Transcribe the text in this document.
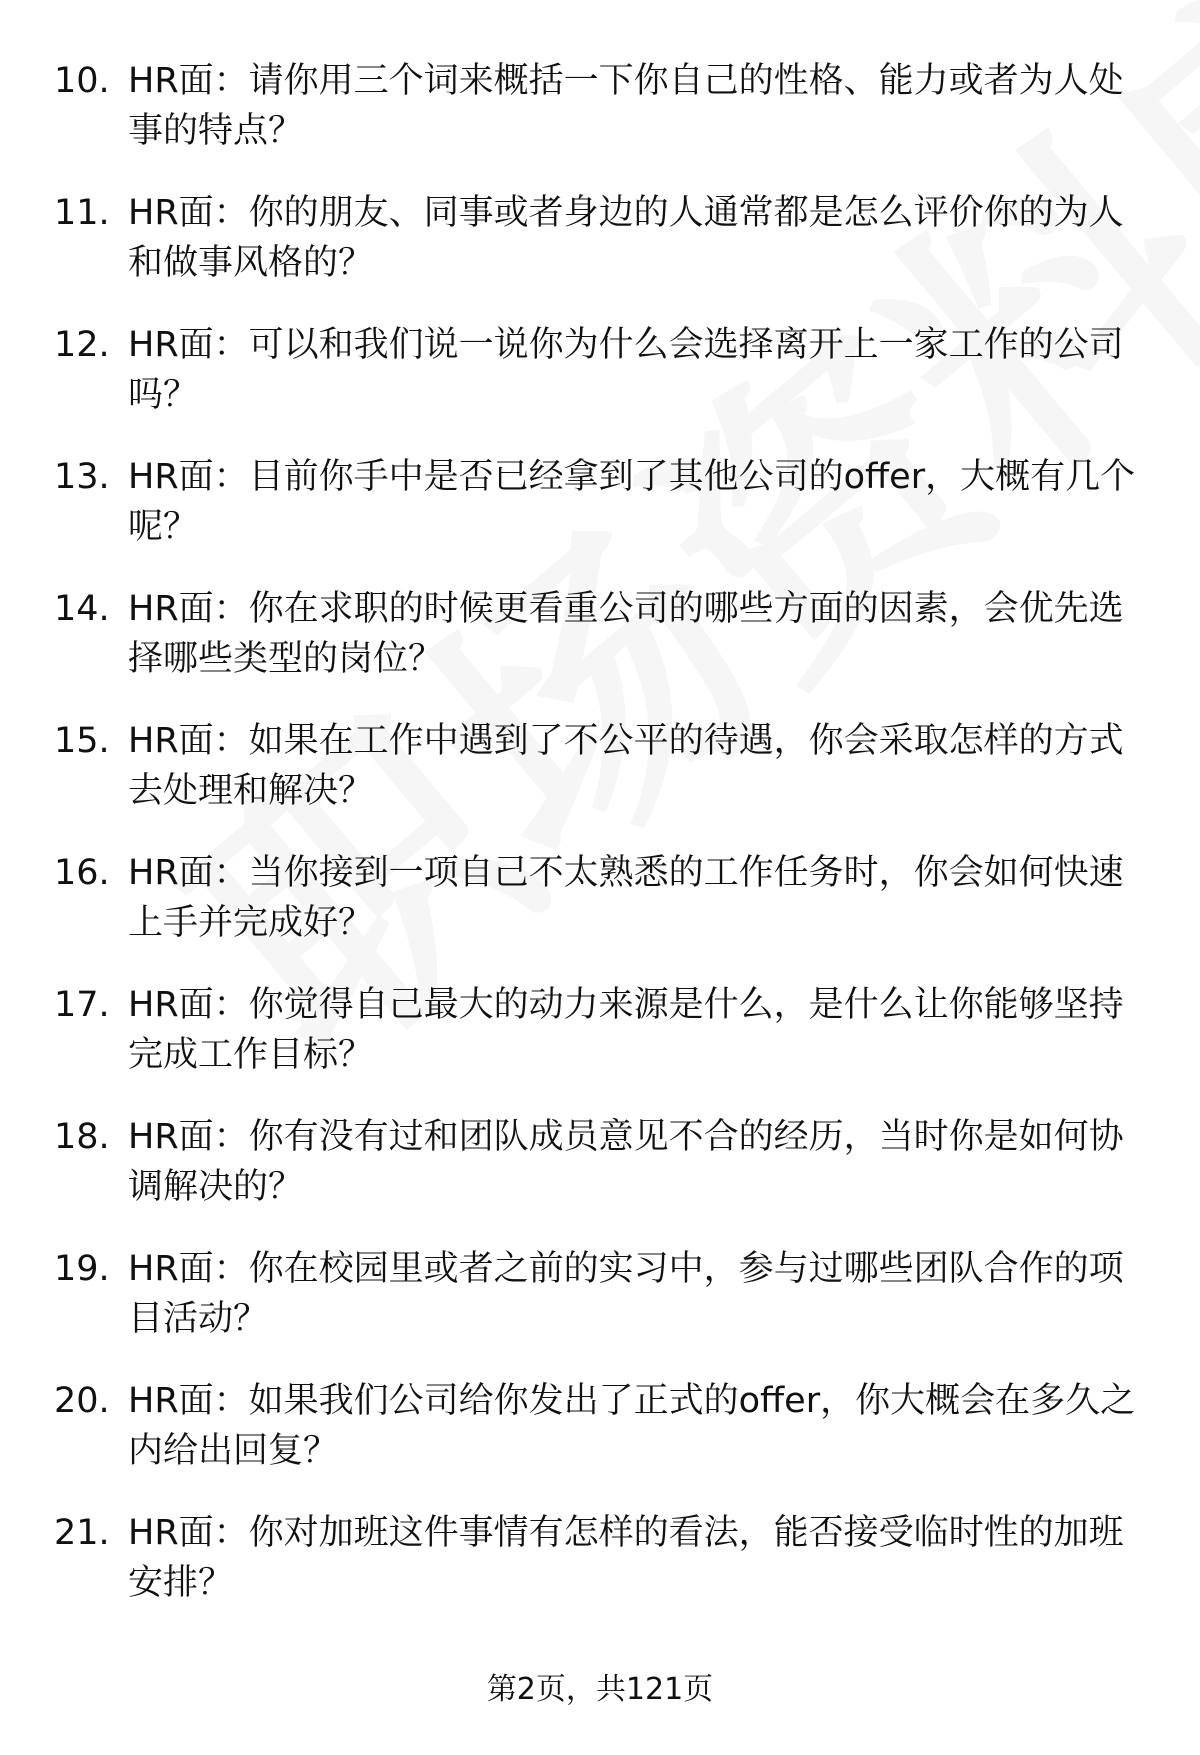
10. HR面：请你用三个词来概括一下你自己的性格、能力或者为人处事的特点？
11. HR面：你的朋友、同事或者身边的人通常都是怎么评价你的为人和做事风格的？
12. HR面：可以和我们说一说你为什么会选择离开上一家工作的公司吗？
13. HR面：目前你手中是否已经拿到了其他公司的offer，大概有几个呢？
14. HR面：你在求职的时候更看重公司的哪些方面的因素，会优先选择哪些类型的岗位？
15. HR面：如果在工作中遇到了不公平的待遇，你会采取怎样的方式去处理和解决？
16. HR面：当你接到一项自己不太熟悉的工作任务时，你会如何快速上手并完成好？
17. HR面：你觉得自己最大的动力来源是什么，是什么让你能够坚持完成工作目标？
18. HR面：你有没有过和团队成员意见不合的经历，当时你是如何协调解决的？
19. HR面：你在校园里或者之前的实习中，参与过哪些团队合作的项目活动？
20. HR面：如果我们公司给你发出了正式的offer，你大概会在多久之内给出回复？
21. HR面：你对加班这件事情有怎样的看法，能否接受临时性的加班安排？
第2页，共121页
